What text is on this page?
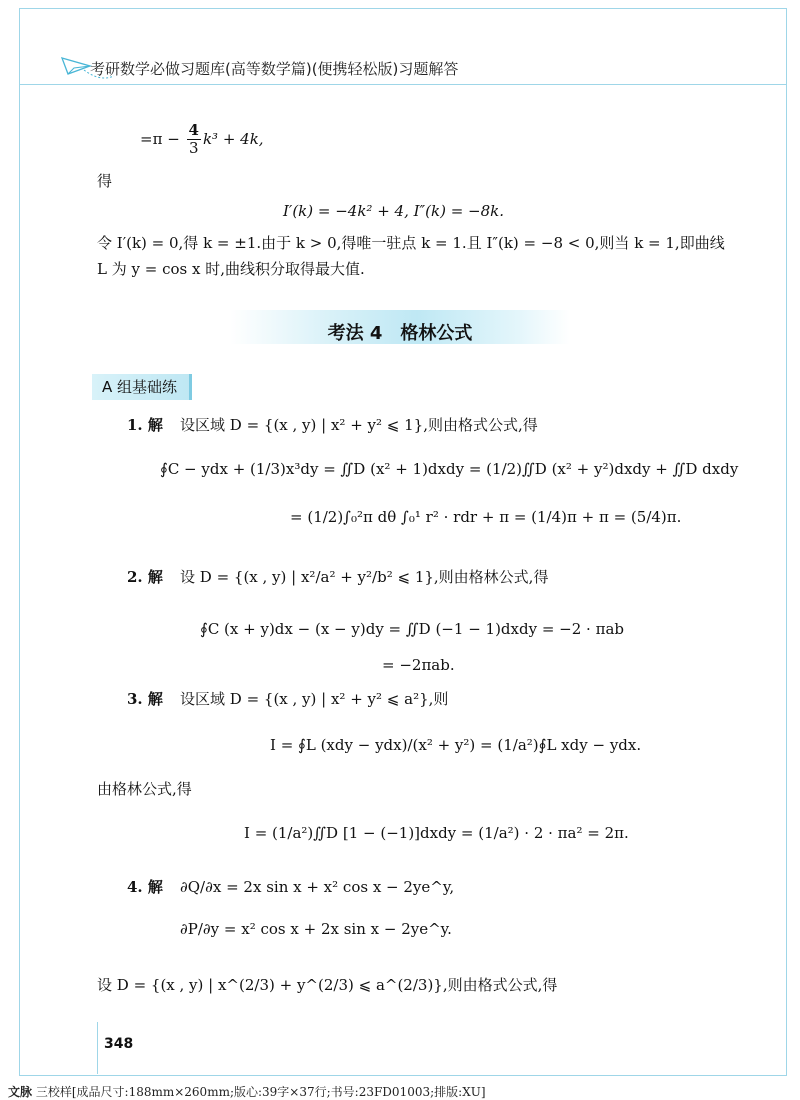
考研数学必做习题库(高等数学篇)(便携轻松版)习题解答
$=\pi - \frac{4}{3} k^3 + 4k$,
得
I′(k) = −4k² + 4, I″(k) = −8k.
令 I′(k) = 0,得 k = ±1.由于 k > 0,得唯一驻点 k = 1.且 I″(k) = −8 < 0,则当 k = 1,即曲线
L 为 y = cos x 时,曲线积分取得最大值.
考法 4　格林公式
A 组基础练
1. 解 设区域 D = {(x , y) | x² + y² ⩽ 1},则由格式公式,得
∮C − ydx + (1/3)x³dy = ∬D (x² + 1)dxdy = (1/2)∬D (x² + y²)dxdy + ∬D dxdy
= (1/2)∫₀²π dθ ∫₀¹ r² · rdr + π = (1/4)π + π = (5/4)π.
2. 解 设 D = {(x , y) | x²/a² + y²/b² ⩽ 1},则由格林公式,得
∮C (x + y)dx − (x − y)dy = ∬D (−1 − 1)dxdy = −2 · πab
= −2πab.
3. 解 设区域 D = {(x , y) | x² + y² ⩽ a²},则
I = ∮L (xdy − ydx)/(x² + y²) = (1/a²)∮L xdy − ydx.
由格林公式,得
I = (1/a²)∬D [1 − (−1)]dxdy = (1/a²) · 2 · πa² = 2π.
4. 解 ∂Q/∂x = 2x sin x + x² cos x − 2ye^y,
∂P/∂y = x² cos x + 2x sin x − 2ye^y.
设 D = {(x , y) | x^(2/3) + y^(2/3) ⩽ a^(2/3)},则由格式公式,得
348
文脉 三校样[成品尺寸:188mm×260mm;版心:39字×37行;书号:23FD01003;排版:XU]
